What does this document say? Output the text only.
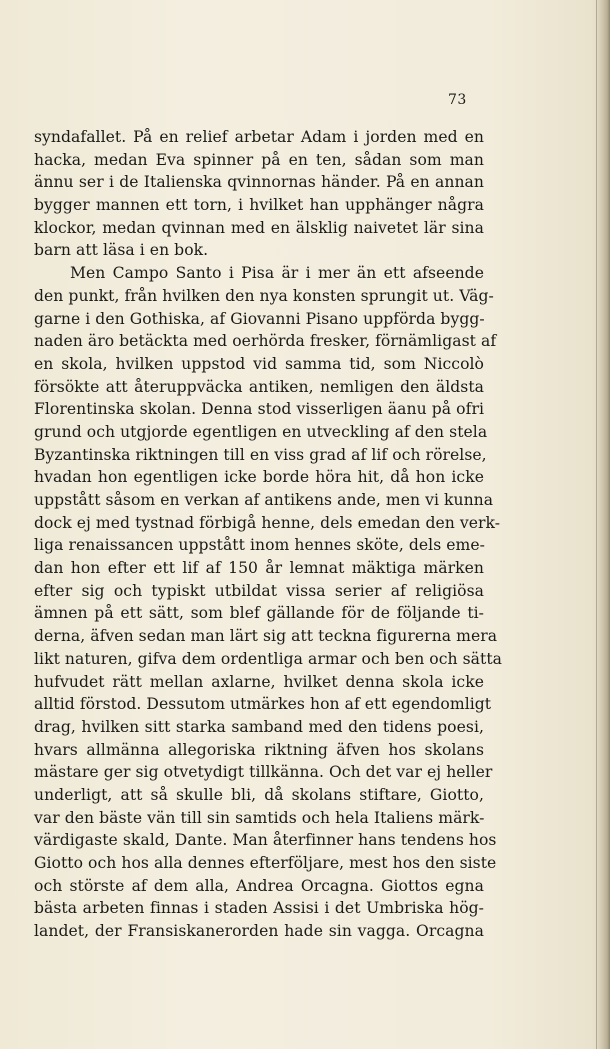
73
syndafallet. På en relief arbetar Adam i jorden med en
hacka, medan Eva spinner på en ten, sådan som man
ännu ser i de Italienska qvinnornas händer. På en annan
bygger mannen ett torn, i hvilket han upphänger några
klockor, medan qvinnan med en älsklig naivetet lär sina
barn att läsa i en bok.
Men Campo Santo i Pisa är i mer än ett afseende
den punkt, från hvilken den nya konsten sprungit ut. Väg-
garne i den Gothiska, af Giovanni Pisano uppförda bygg-
naden äro betäckta med oerhörda fresker, förnämligast af
en skola, hvilken uppstod vid samma tid, som Niccolò
försökte att återuppväcka antiken, nemligen den äldsta
Florentinska skolan. Denna stod visserligen äanu på ofri
grund och utgjorde egentligen en utveckling af den stela
Byzantinska riktningen till en viss grad af lif och rörelse,
hvadan hon egentligen icke borde höra hit, då hon icke
uppstått såsom en verkan af antikens ande, men vi kunna
dock ej med tystnad förbigå henne, dels emedan den verk-
liga renaissancen uppstått inom hennes sköte, dels eme-
dan hon efter ett lif af 150 år lemnat mäktiga märken
efter sig och typiskt utbildat vissa serier af religiösa
ämnen på ett sätt, som blef gällande för de följande ti-
derna, äfven sedan man lärt sig att teckna figurerna mera
likt naturen, gifva dem ordentliga armar och ben och sätta
hufvudet rätt mellan axlarne, hvilket denna skola icke
alltid förstod. Dessutom utmärkes hon af ett egendomligt
drag, hvilken sitt starka samband med den tidens poesi,
hvars allmänna allegoriska riktning äfven hos skolans
mästare ger sig otvetydigt tillkänna. Och det var ej heller
underligt, att så skulle bli, då skolans stiftare, Giotto,
var den bäste vän till sin samtids och hela Italiens märk-
värdigaste skald, Dante. Man återfinner hans tendens hos
Giotto och hos alla dennes efterföljare, mest hos den siste
och störste af dem alla, Andrea Orcagna. Giottos egna
bästa arbeten finnas i staden Assisi i det Umbriska hög-
landet, der Fransiskanerorden hade sin vagga. Orcagna
